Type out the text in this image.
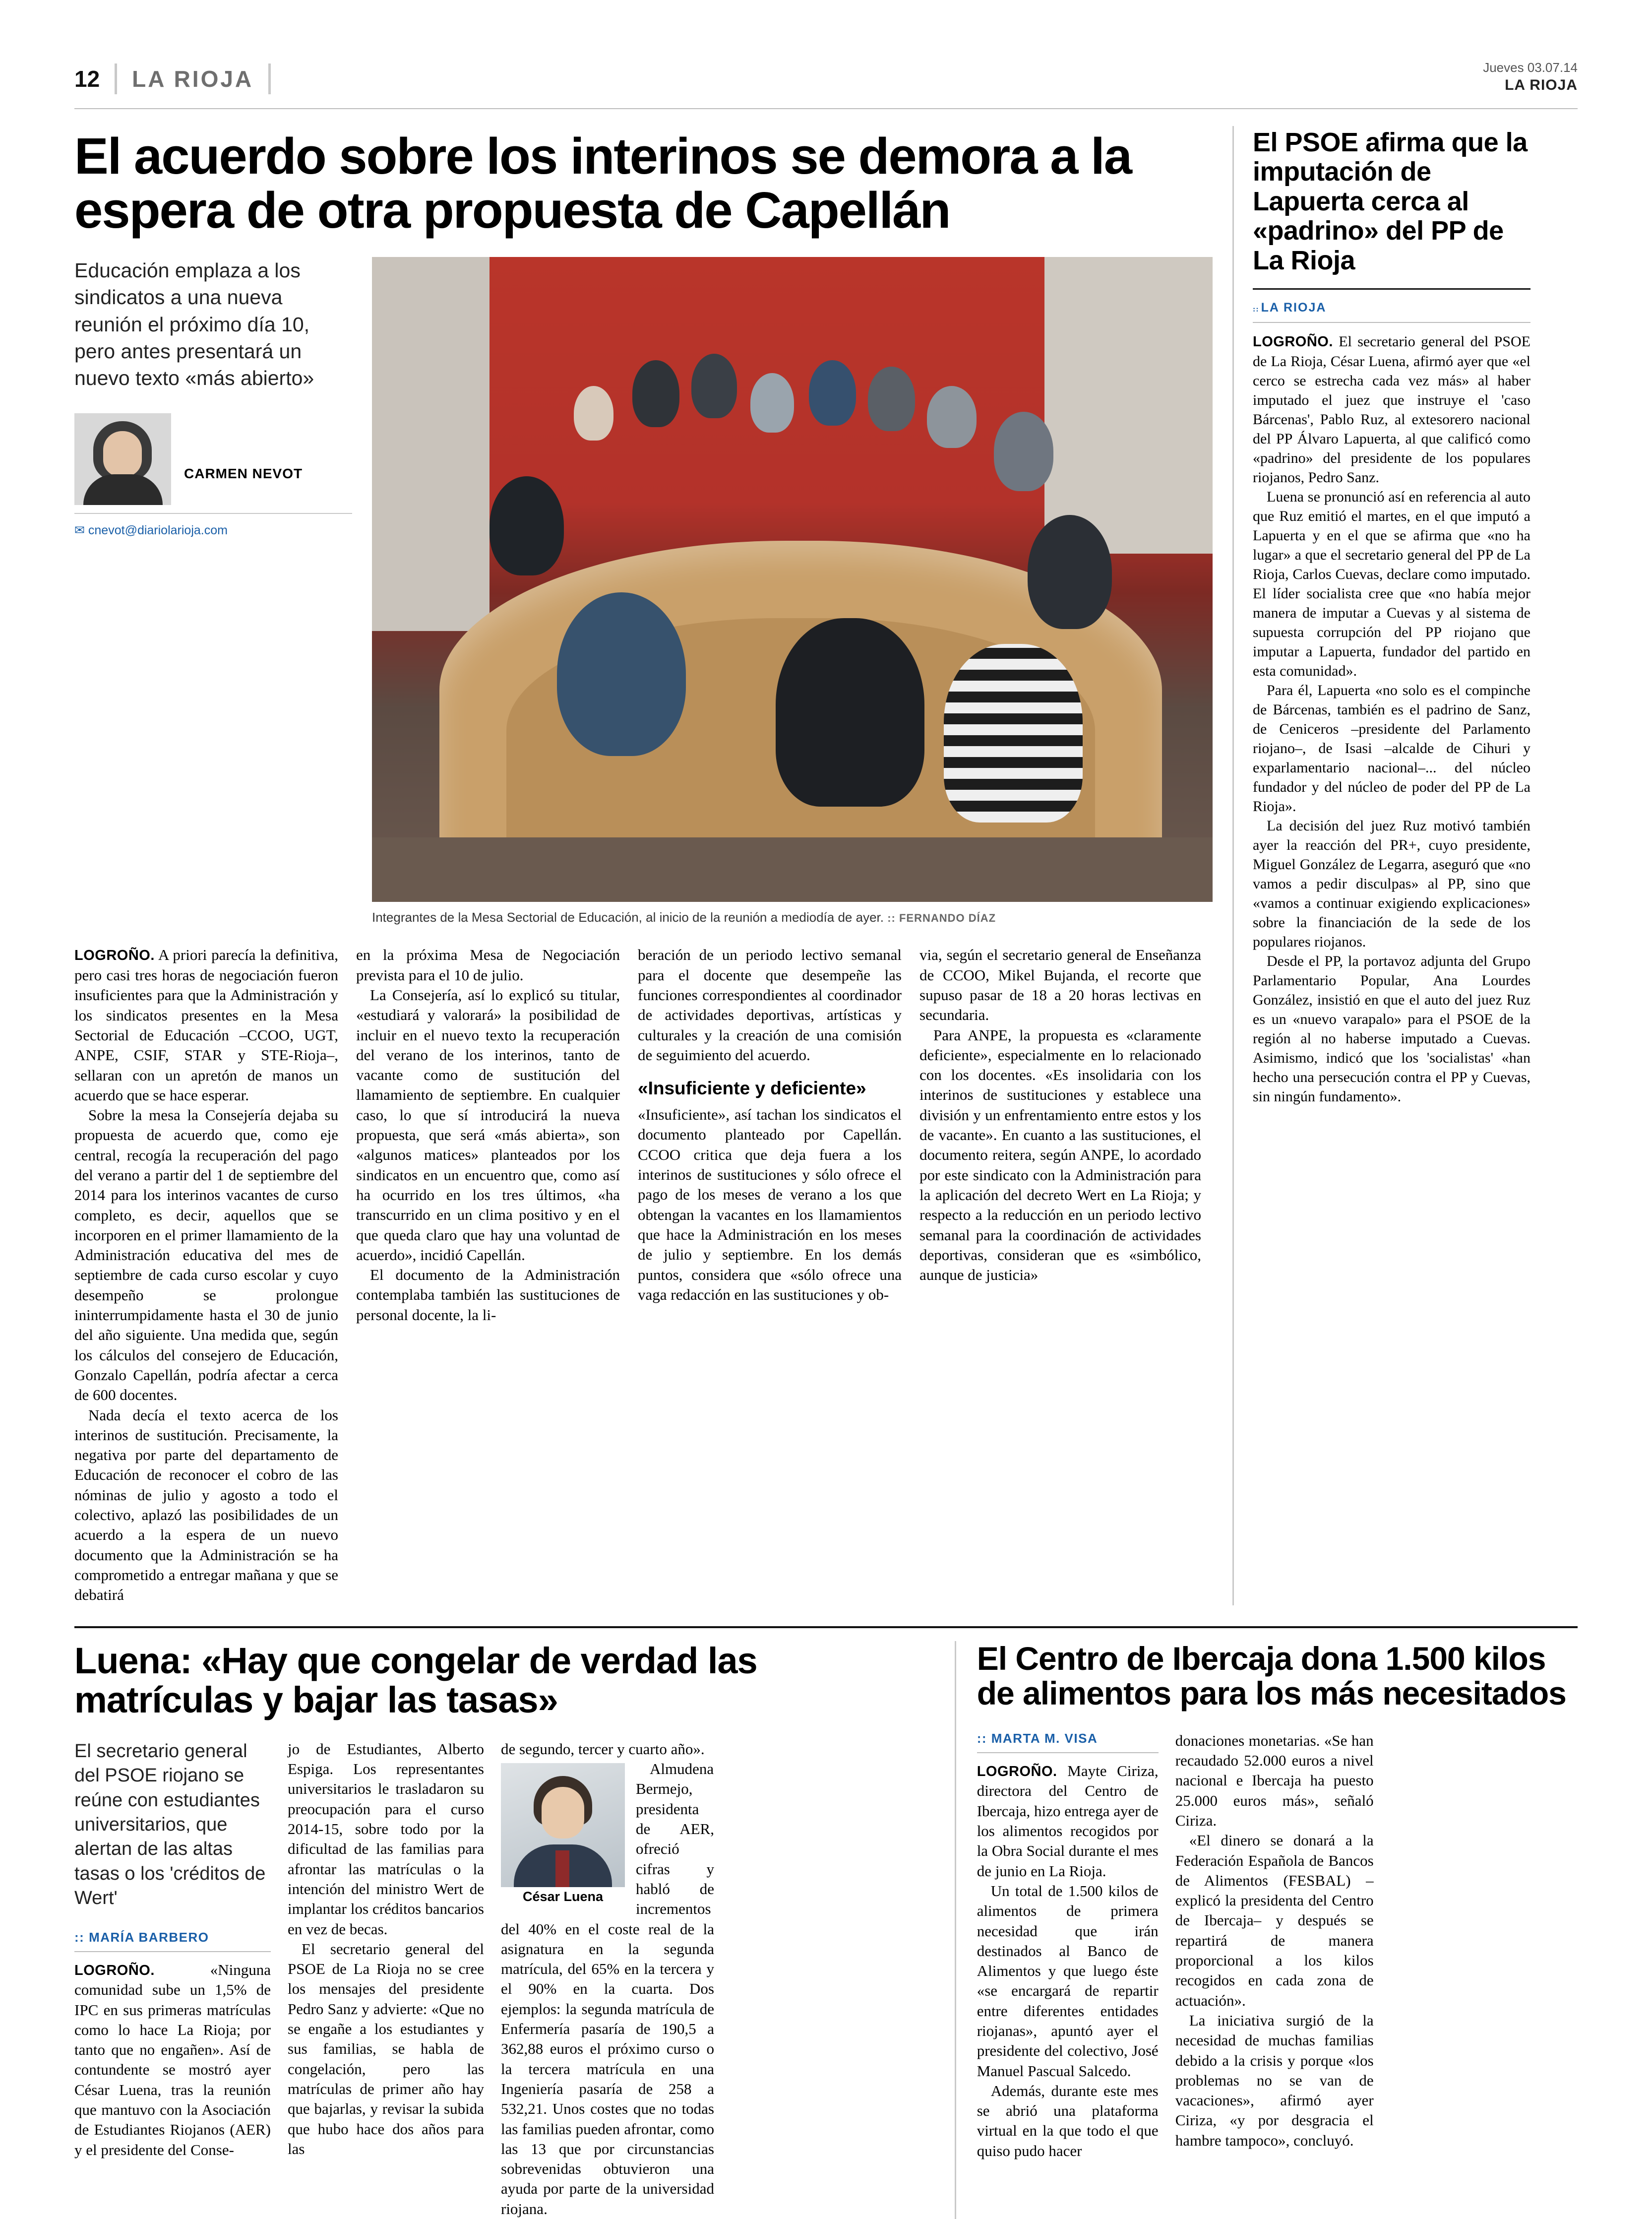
12 LA RIOJA	Jueves 03.07.14
LA RIOJA
El acuerdo sobre los interinos se demora a la espera de otra propuesta de Capellán
Educación emplaza a los sindicatos a una nueva reunión el próximo día 10, pero antes presentará un nuevo texto «más abierto»
CARMEN NEVOT
✉ cnevot@diariolarioja.com
Integrantes de la Mesa Sectorial de Educación, al inicio de la reunión a mediodía de ayer. :: FERNANDO DÍAZ

LOGROÑO. A priori parecía la definitiva, pero casi tres horas de negociación fueron insuficientes para que la Administración y los sindicatos presentes en la Mesa Sectorial de Educación –CCOO, UGT, ANPE, CSIF, STAR y STE-Rioja–, sellaran con un apretón de manos un acuerdo que se hace esperar.

Sobre la mesa la Consejería dejaba su propuesta de acuerdo que, como eje central, recogía la recuperación del pago del verano a partir del 1 de septiembre del 2014 para los interinos vacantes de curso completo, es decir, aquellos que se incorporen en el primer llamamiento de la Administración educativa del mes de septiembre de cada curso escolar y cuyo desempeño se prolongue ininterrumpidamente hasta el 30 de junio del año siguiente. Una medida que, según los cálculos del consejero de Educación, Gonzalo Capellán, podría afectar a cerca de 600 docentes.

Nada decía el texto acerca de los interinos de sustitución. Precisamente, la negativa por parte del departamento de Educación de reconocer el cobro de las nóminas de julio y agosto a todo el colectivo, aplazó las posibilidades de un acuerdo a la espera de un nuevo documento que la Administración se ha comprometido a entregar mañana y que se debatirá

en la próxima Mesa de Negociación prevista para el 10 de julio.

La Consejería, así lo explicó su titular, «estudiará y valorará» la posibilidad de incluir en el nuevo texto la recuperación del verano de los interinos, tanto de vacante como de sustitución del llamamiento de septiembre. En cualquier caso, lo que sí introducirá la nueva propuesta, que será «más abierta», son «algunos matices» planteados por los sindicatos en un encuentro que, como así ha ocurrido en los tres últimos, «ha transcurrido en un clima positivo y en el que queda claro que hay una voluntad de acuerdo», incidió Capellán.

El documento de la Administración contemplaba también las sustituciones de personal docente, la li-

beración de un periodo lectivo semanal para el docente que desempeñe las funciones correspondientes al coordinador de actividades deportivas, artísticas y culturales y la creación de una comisión de seguimiento del acuerdo.

«Insuficiente y deficiente»

«Insuficiente», así tachan los sindicatos el documento planteado por Capellán. CCOO critica que deja fuera a los interinos de sustituciones y sólo ofrece el pago de los meses de verano a los que obtengan la vacantes en los llamamientos que hace la Administración en los meses de julio y septiembre. En los demás puntos, considera que «sólo ofrece una vaga redacción en las sustituciones y ob-

via, según el secretario general de Enseñanza de CCOO, Mikel Bujanda, el recorte que supuso pasar de 18 a 20 horas lectivas en secundaria.

Para ANPE, la propuesta es «claramente deficiente», especialmente en lo relacionado con los docentes. «Es insolidaria con los interinos de sustituciones y establece una división y un enfrentamiento entre estos y los de vacante». En cuanto a las sustituciones, el documento reitera, según ANPE, lo acordado por este sindicato con la Administración para la aplicación del decreto Wert en La Rioja; y respecto a la reducción en un periodo lectivo semanal para la coordinación de actividades deportivas, consideran que es «simbólico, aunque de justicia»

El PSOE afirma que la imputación de Lapuerta cerca al «padrino» del PP de La Rioja
:: LA RIOJA

LOGROÑO. El secretario general del PSOE de La Rioja, César Luena, afirmó ayer que «el cerco se estrecha cada vez más» al haber imputado el juez que instruye el 'caso Bárcenas', Pablo Ruz, al extesorero nacional del PP Álvaro Lapuerta, al que calificó como «padrino» del presidente de los populares riojanos, Pedro Sanz.

Luena se pronunció así en referencia al auto que Ruz emitió el martes, en el que imputó a Lapuerta y en el que se afirma que «no ha lugar» a que el secretario general del PP de La Rioja, Carlos Cuevas, declare como imputado. El líder socialista cree que «no había mejor manera de imputar a Cuevas y al sistema de supuesta corrupción del PP riojano que imputar a Lapuerta, fundador del partido en esta comunidad».

Para él, Lapuerta «no solo es el compinche de Bárcenas, también es el padrino de Sanz, de Ceniceros –presidente del Parlamento riojano–, de Isasi –alcalde de Cihuri y exparlamentario nacional–... del núcleo fundador y del núcleo de poder del PP de La Rioja».

La decisión del juez Ruz motivó también ayer la reacción del PR+, cuyo presidente, Miguel González de Legarra, aseguró que «no vamos a pedir disculpas» al PP, sino que «vamos a continuar exigiendo explicaciones» sobre la financiación de la sede de los populares riojanos.

Desde el PP, la portavoz adjunta del Grupo Parlamentario Popular, Ana Lourdes González, insistió en que el auto del juez Ruz es un «nuevo varapalo» para el PSOE de la región al no haberse imputado a Cuevas. Asimismo, indicó que los 'socialistas' «han hecho una persecución contra el PP y Cuevas, sin ningún fundamento».

Luena: «Hay que congelar de verdad las matrículas y bajar las tasas»
El secretario general del PSOE riojano se reúne con estudiantes universitarios, que alertan de las altas tasas o los 'créditos de Wert'
:: MARÍA BARBERO

LOGROÑO.	«Ninguna comunidad sube un 1,5% de IPC en sus primeras matrículas como lo hace La Rioja; por tanto que no engañen». Así de contundente se mostró ayer César Luena, tras la reunión que mantuvo con la Asociación de Estudiantes Riojanos (AER) y el presidente del Conse-

jo de Estudiantes, Alberto Espiga. Los representantes universitarios le trasladaron su preocupación para el curso 2014-15, sobre todo por la dificultad de las familias para afrontar las matrículas o la intención del ministro Wert de implantar los créditos bancarios en vez de becas.

El secretario general del PSOE de La Rioja no se cree los mensajes del presidente Pedro Sanz y advierte: «Que no se engañe a los estudiantes y sus familias, se habla de congelación, pero las matrículas de primer año hay que bajarlas, y revisar la subida que hubo hace dos años para las

de segundo, tercer y cuarto año».

César Luena

Almudena Bermejo, presidenta de AER, ofreció cifras y habló de incrementos del 40% en el coste real de la asignatura en la segunda matrícula, del 65% en la tercera y el 90% en la cuarta. Dos ejemplos: la segunda matrícula de Enfermería pasaría de 190,5 a 362,88 euros el próximo curso o la tercera matrícula en una Ingeniería pasaría de 258 a 532,21. Unos costes que no todas las familias pueden afrontar, como las 13 que por circunstancias sobrevenidas obtuvieron una ayuda por parte de la universidad riojana.

El Centro de Ibercaja dona 1.500 kilos de alimentos para los más necesitados
:: MARTA M. VISA

LOGROÑO. Mayte Ciriza, directora del Centro de Ibercaja, hizo entrega ayer de los alimentos recogidos por la Obra Social durante el mes de junio en La Rioja.

Un total de 1.500 kilos de alimentos de primera necesidad que irán destinados al Banco de Alimentos y que luego éste «se encargará de repartir entre diferentes entidades riojanas», apuntó ayer el presidente del colectivo, José Manuel Pascual Salcedo.

Además, durante este mes se abrió una plataforma virtual en la que todo el que quiso pudo hacer

donaciones monetarias. «Se han recaudado 52.000 euros a nivel nacional e Ibercaja ha puesto 25.000 euros más», señaló Ciriza.

«El dinero se donará a la Federación Española de Bancos de Alimentos (FESBAL) –explicó la presidenta del Centro de Ibercaja– y después se repartirá de manera proporcional a los kilos recogidos en cada zona de actuación».

La iniciativa surgió de la necesidad de muchas familias debido a la crisis y porque «los problemas no se van de vacaciones», afirmó ayer Ciriza, «y por desgracia el hambre tampoco», concluyó.
